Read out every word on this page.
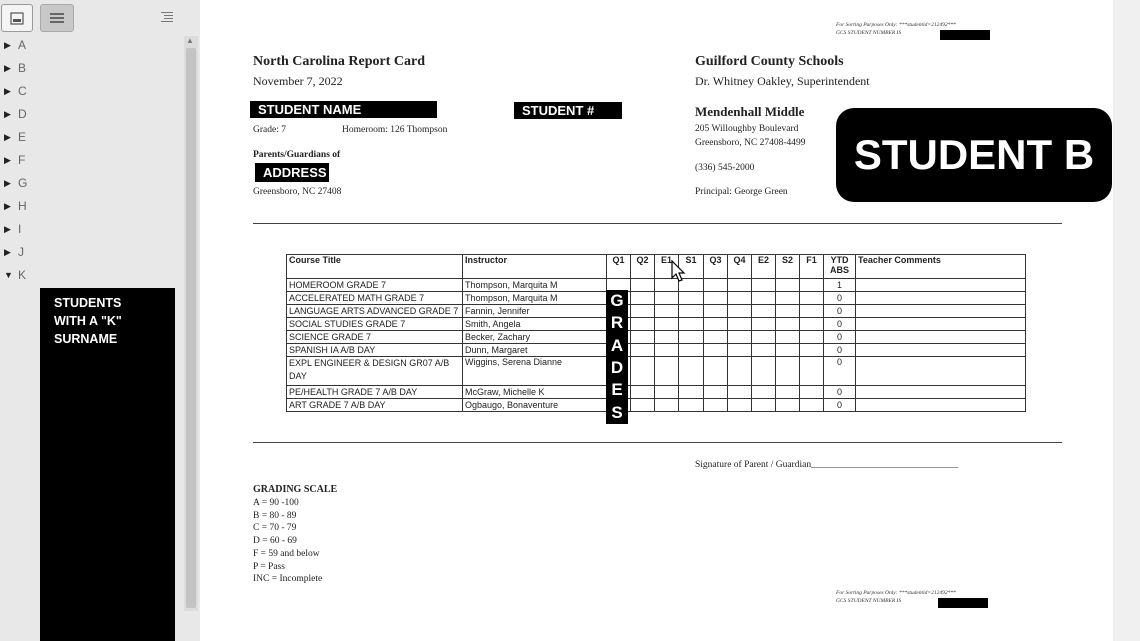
▶ A
▶ B
▶ C
▶ D
▶ E
▶ F
▶ G
▶ H
▶ I
▶ J
▼ K
▲
STUDENTS
WITH A "K"
SURNAME
For Sorting Purposes Only: ***studentid=212492***
GCS STUDENT NUMBER IS
North Carolina Report Card
November 7, 2022
Guilford County Schools
Dr. Whitney Oakley, Superintendent
STUDENT NAME	STUDENT #
Grade: 7	Homeroom: 126 Thompson
Parents/Guardians of
ADDRESS
Greensboro, NC 27408
Mendenhall Middle
205 Willoughby Boulevard
Greensboro, NC 27408-4499
(336) 545-2000
Principal: George Green
STUDENT B
Course Title	Instructor	Q1	Q2	E1	S1	Q3	Q4	E2	S2	F1	YTD ABS	Teacher Comments
HOMEROOM GRADE 7	Thompson, Marquita M										1	
ACCELERATED MATH GRADE 7	Thompson, Marquita M										0	
LANGUAGE ARTS ADVANCED GRADE 7	Fannin, Jennifer										0	
SOCIAL STUDIES GRADE 7	Smith, Angela										0	
SCIENCE GRADE 7	Becker, Zachary										0	
SPANISH IA A/B DAY	Dunn, Margaret										0	
EXPL ENGINEER & DESIGN GR07 A/B DAY	Wiggins, Serena Dianne										0	
PE/HEALTH GRADE 7 A/B DAY	McGraw, Michelle K										0	
ART GRADE 7 A/B DAY	Ogbaugo, Bonaventure										0	
G
R
A
D
E
S
Signature of Parent / Guardian_______________________________
GRADING SCALE
A = 90 -100
B = 80 - 89
C = 70 - 79
D = 60 - 69
F = 59 and below
P = Pass
INC = Incomplete
For Sorting Purposes Only: ***studentid=212492***
GCS STUDENT NUMBER IS
